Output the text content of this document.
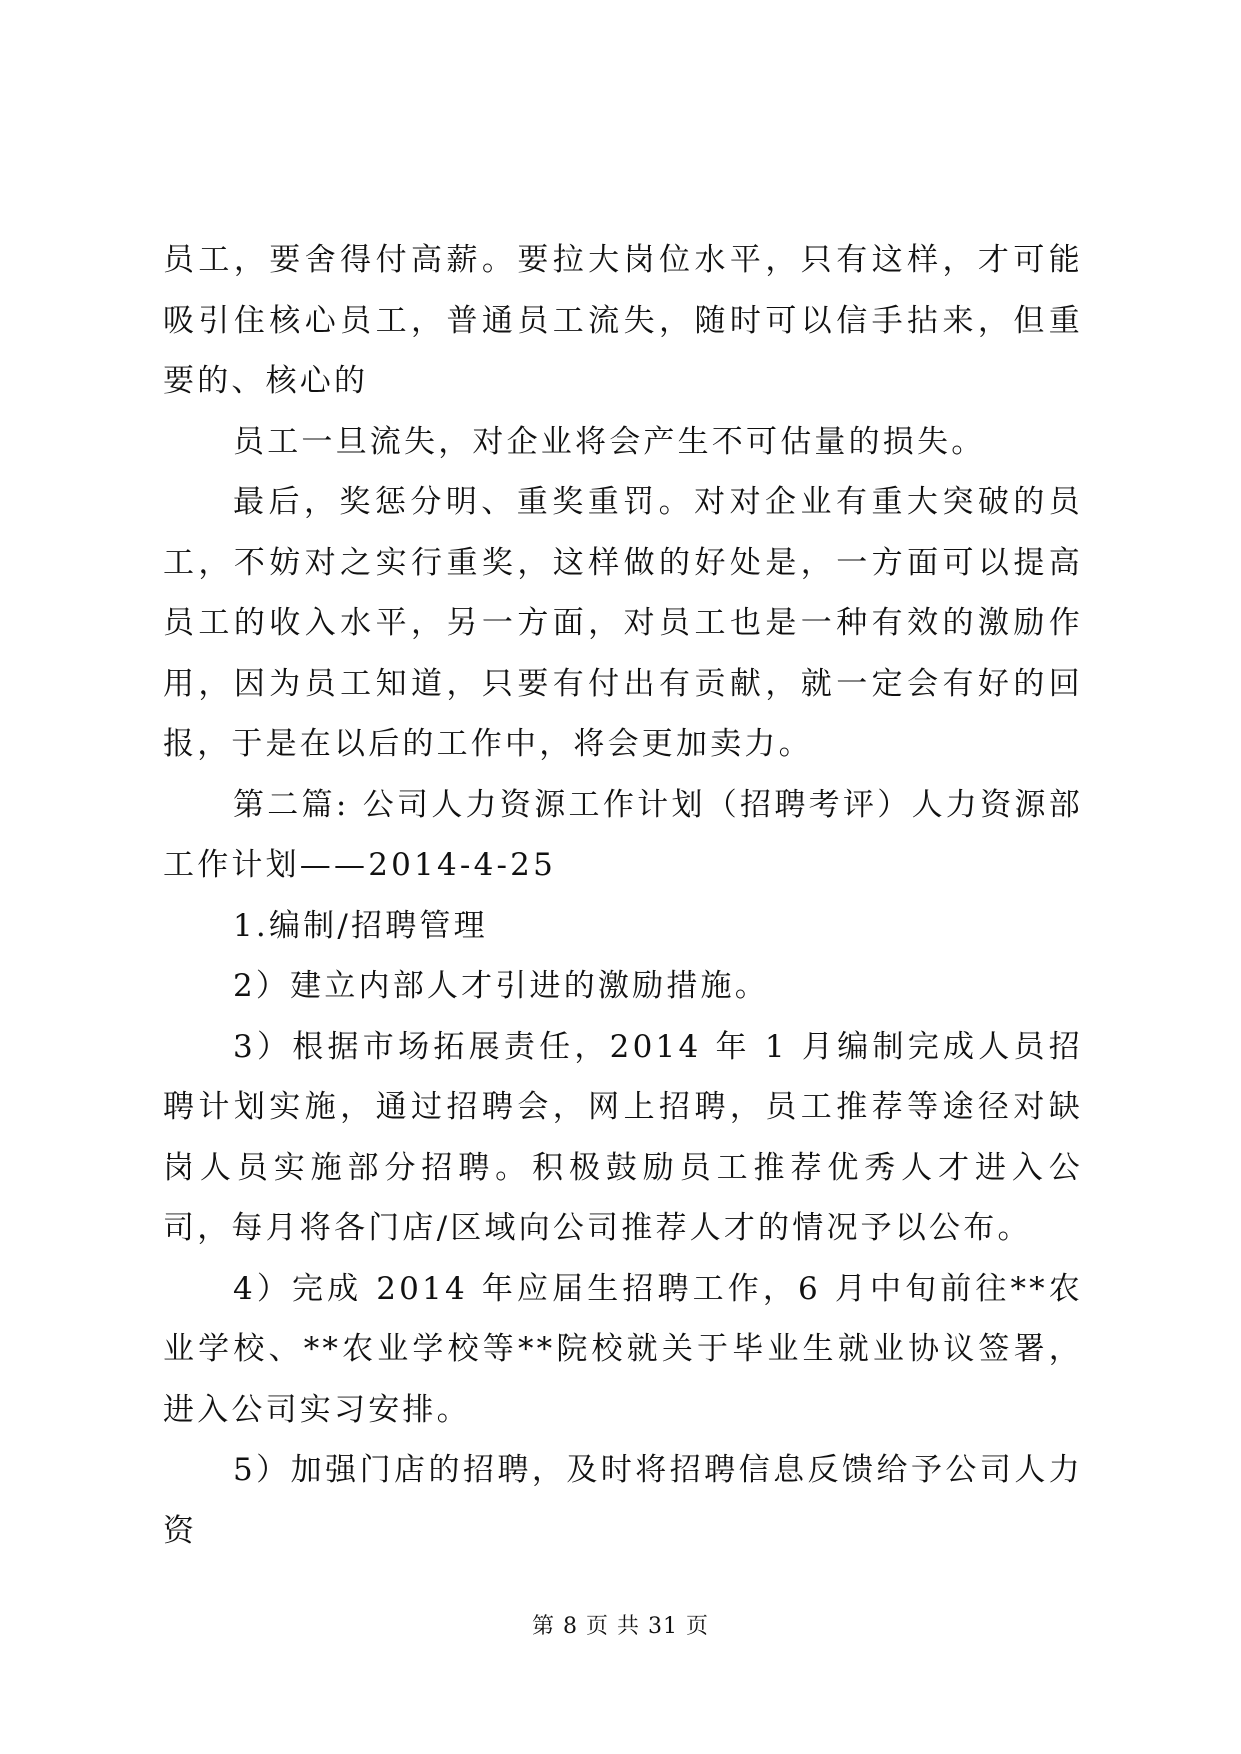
员工，要舍得付高薪。要拉大岗位水平，只有这样，才可能吸引住核心员工，普通员工流失，随时可以信手拈来，但重要的、核心的

员工一旦流失，对企业将会产生不可估量的损失。

最后，奖惩分明、重奖重罚。对对企业有重大突破的员工，不妨对之实行重奖，这样做的好处是，一方面可以提高员工的收入水平，另一方面，对员工也是一种有效的激励作用，因为员工知道，只要有付出有贡献，就一定会有好的回报，于是在以后的工作中，将会更加卖力。

第二篇: 公司人力资源工作计划（招聘考评）人力资源部工作计划——2014-4-25

1.编制/招聘管理

2）建立内部人才引进的激励措施。

3）根据市场拓展责任，2014 年 1 月编制完成人员招聘计划实施，通过招聘会，网上招聘，员工推荐等途径对缺岗人员实施部分招聘。积极鼓励员工推荐优秀人才进入公司，每月将各门店/区域向公司推荐人才的情况予以公布。

4）完成 2014 年应届生招聘工作，6 月中旬前往**农业学校、**农业学校等**院校就关于毕业生就业协议签署，进入公司实习安排。

5）加强门店的招聘，及时将招聘信息反馈给予公司人力资

第 8 页 共 31 页
